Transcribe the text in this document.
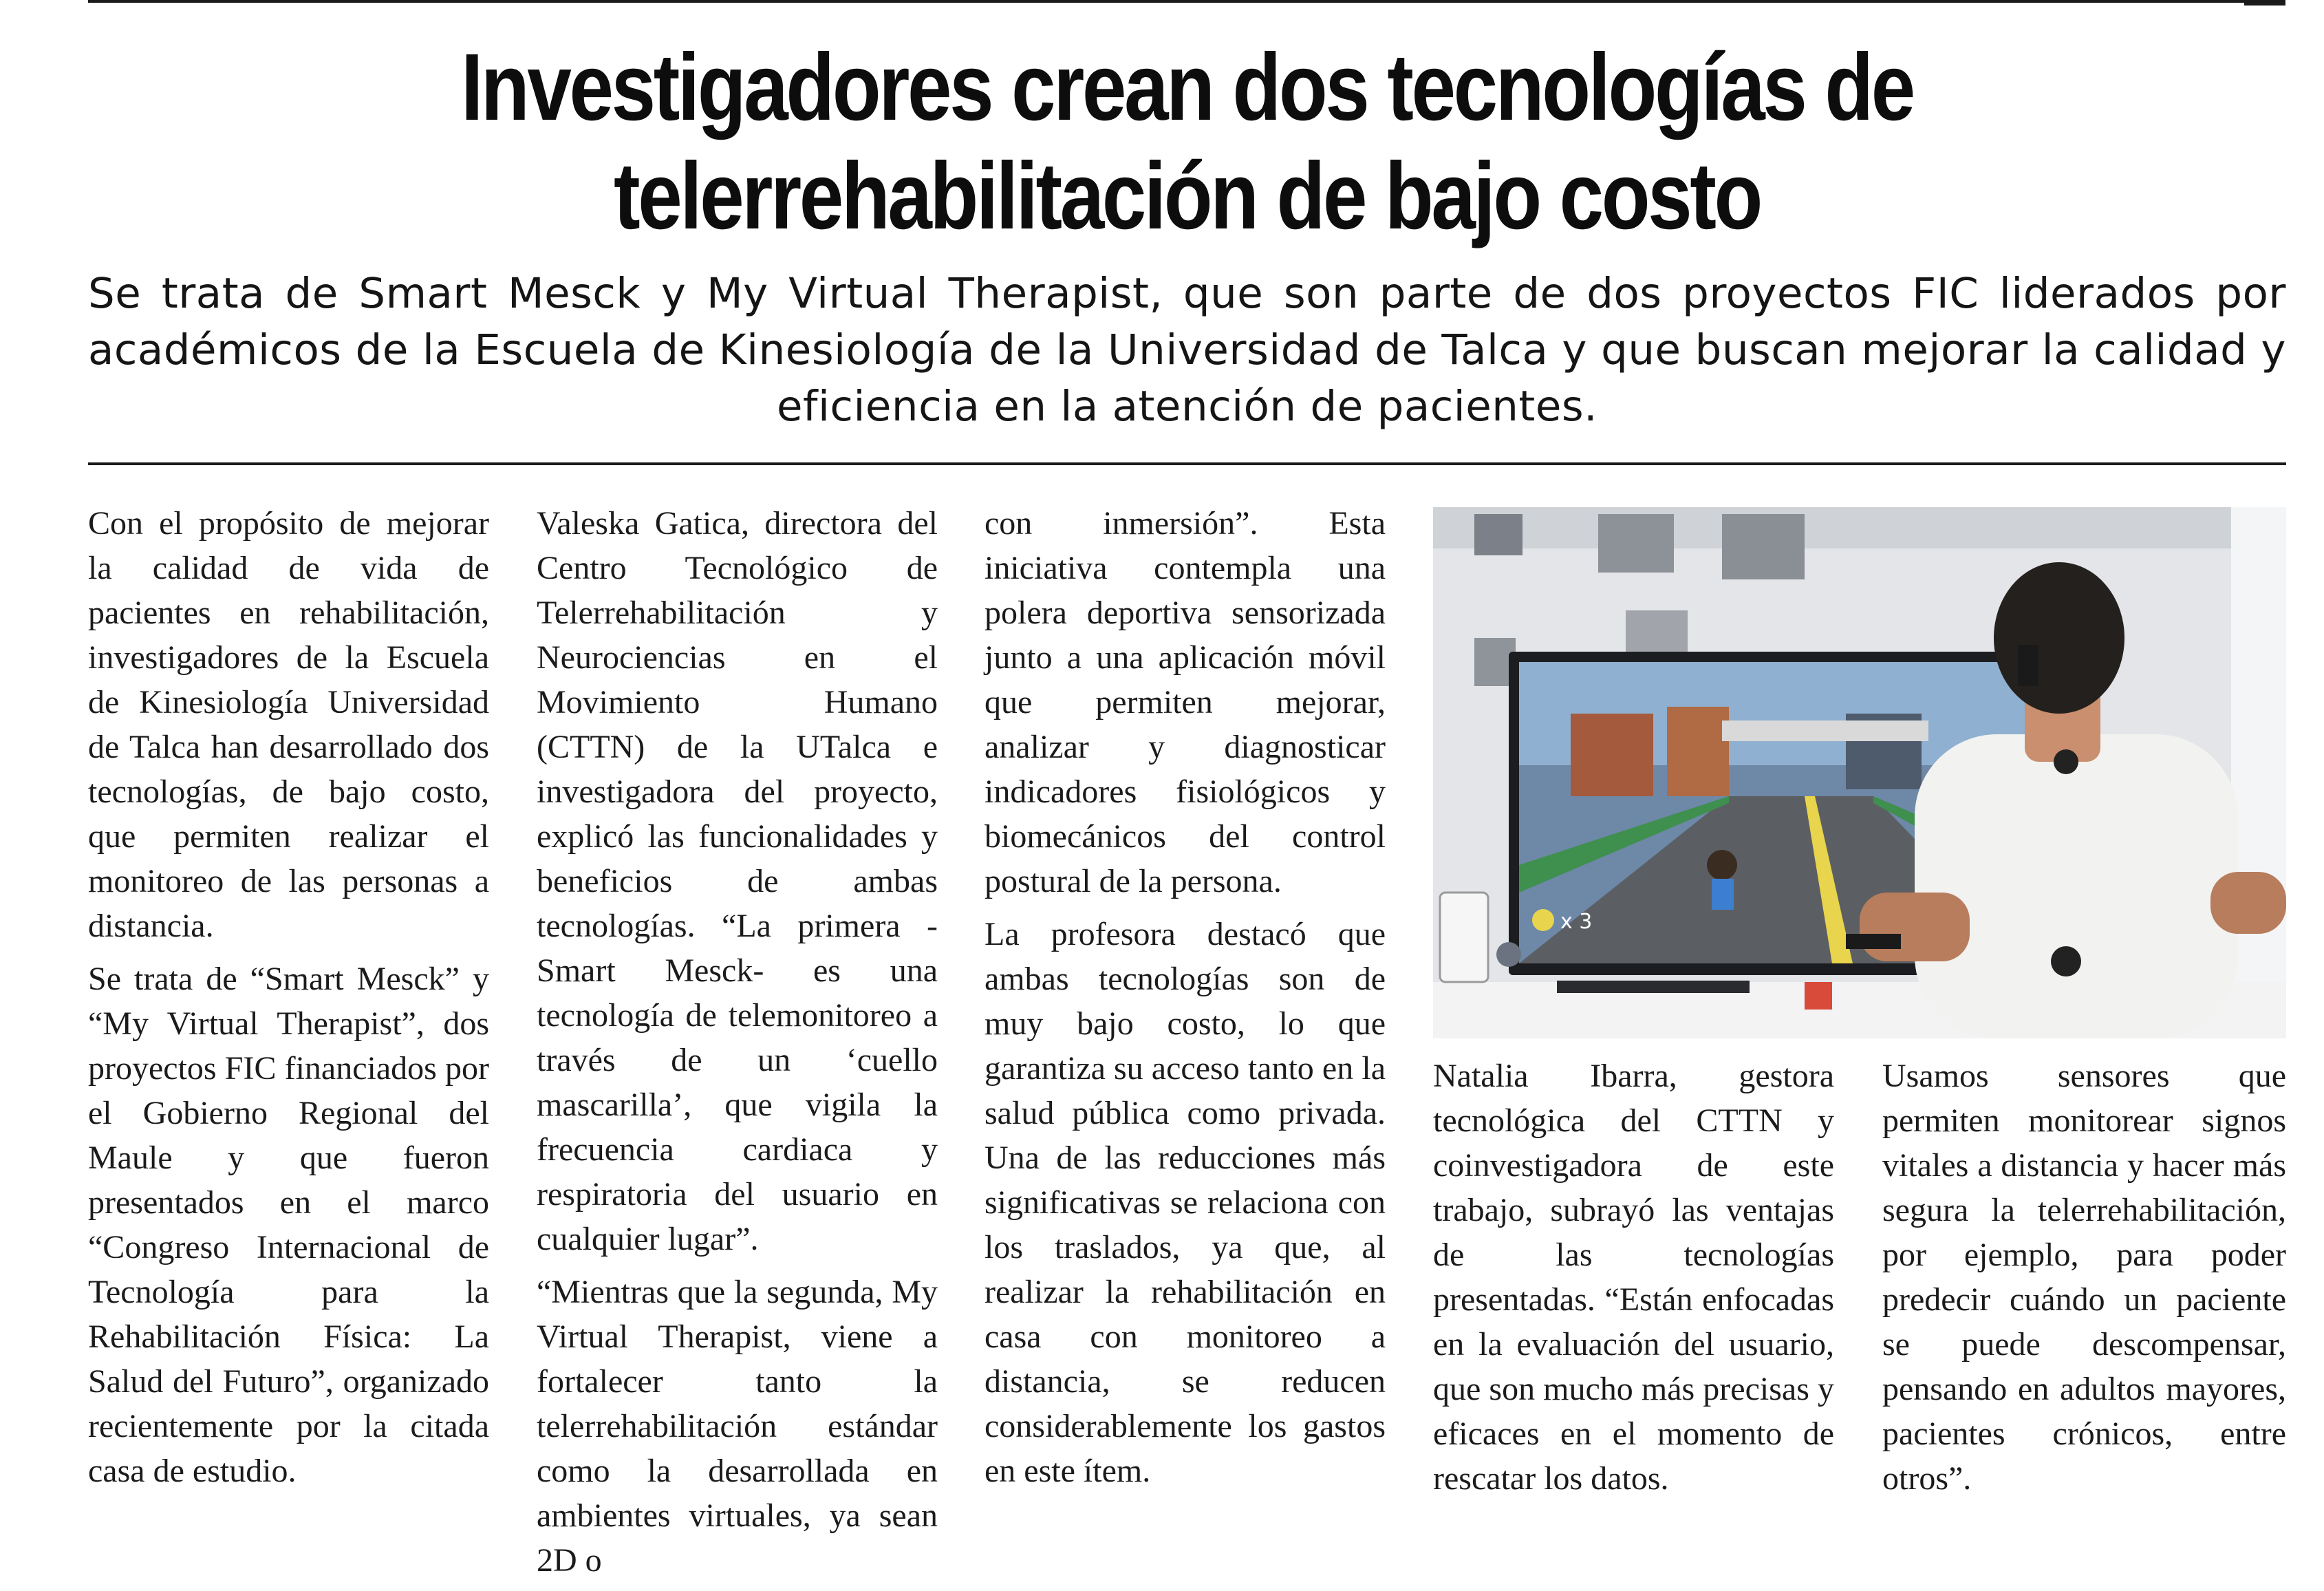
Investigadores crean dos tecnologías de
telerrehabilitación de bajo costo

Se trata de Smart Mesck y My Virtual Therapist, que son parte de dos proyectos FIC liderados por académicos de la Escuela de Kinesiología de la Universidad de Talca y que buscan mejorar la calidad y eficiencia en la atención de pacientes.

Con el propósito de mejorar la calidad de vida de pacientes en rehabilitación, investigadores de la Escuela de Kinesiología Universidad de Talca han desarrollado dos tecnologías, de bajo costo, que permiten realizar el monitoreo de las personas a distancia.

Se trata de “Smart Mesck” y “My Virtual Therapist”, dos proyectos FIC financiados por el Gobierno Regional del Maule y que fueron presentados en el marco “Congreso Internacional de Tecnología para la Rehabilitación Física: La Salud del Futuro”, organizado recientemente por la citada casa de estudio.

Valeska Gatica, directora del Centro Tecnológico de Telerrehabilitación y Neurociencias en el Movimiento Humano (CTTN) de la UTalca e investigadora del proyecto, explicó las funcionalidades y beneficios de ambas tecnologías. “La primera -Smart Mesck- es una tecnología de telemonitoreo a través de un ‘cuello mascarilla’, que vigila la frecuencia cardiaca y respiratoria del usuario en cualquier lugar”.

“Mientras que la segunda, My Virtual Therapist, viene a fortalecer tanto la telerrehabilitación estándar como la desarrollada en ambientes virtuales, ya sean 2D o

con inmersión”. Esta iniciativa contempla una polera deportiva sensorizada junto a una aplicación móvil que permiten mejorar, analizar y diagnosticar indicadores fisiológicos y biomecánicos del control postural de la persona.

La profesora destacó que ambas tecnologías son de muy bajo costo, lo que garantiza su acceso tanto en la salud pública como privada. Una de las reducciones más significativas se relaciona con los traslados, ya que, al realizar la rehabilitación en casa con monitoreo a distancia, se reducen considerablemente los gastos en este ítem.

x 3

Natalia Ibarra, gestora tecnológica del CTTN y coinvestigadora de este trabajo, subrayó las ventajas de las tecnologías presentadas. “Están enfocadas en la evaluación del usuario, que son mucho más precisas y eficaces en el momento de rescatar los datos.

Usamos sensores que permiten monitorear signos vitales a distancia y hacer más segura la telerrehabilitación, por ejemplo, para poder predecir cuándo un paciente se puede descompensar, pensando en adultos mayores, pacientes crónicos, entre otros”.
